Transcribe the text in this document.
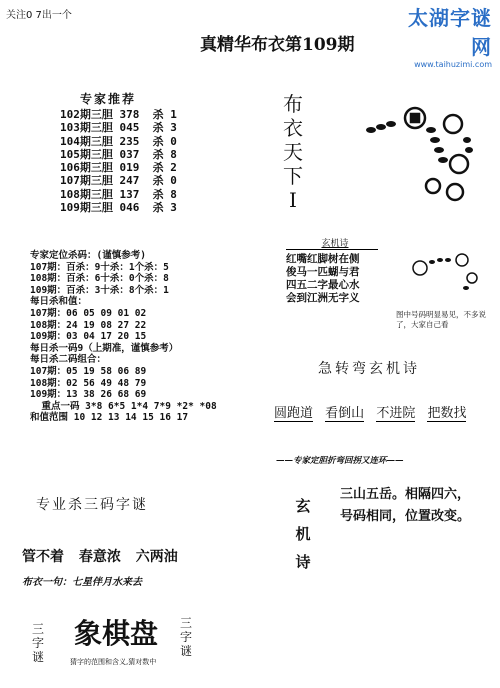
关注0 7出一个	太湖字谜网
www.taihuzimi.com
真精华布衣第109期
专家推荐
102期三胆 378  杀 1
103期三胆 045  杀 3
104期三胆 235  杀 0
105期三胆 037  杀 8
106期三胆 019  杀 2
107期三胆 247  杀 0
108期三胆 137  杀 8
109期三胆 046  杀 3
布衣天下I
专家定位杀码：(谨慎参考)
107期：百杀：9十杀：1个杀：5
108期：百杀：6十杀：0个杀：8
109期：百杀：3十杀：8个杀：1
每日杀和值：
107期：06 05 09 01 02
108期：24 19 08 27 22
109期：03 04 17 20 15
每日杀一码9（上期准，谨慎参考）
每日杀二码组合：
107期：05 19 58 06 89
108期：02 56 49 48 79
109期：13 38 26 68 69
重点一码 3*8 6*5 1*4 7*9 *2* *08
和值范围 10 12 13 14 15 16 17
玄机诗
红嘴红脚树在侧
俊马一匹蝴与君
四五二字最心水
会到江洲无字义
图中号码明显易见，不多说了，大家自己看
急转弯玄机诗
圆跑道 看倒山 不进院 把数找
——专家定胆折弯回拐又连环——
玄机诗
三山五岳。相隔四六，
号码相同，位置改变。
专业杀三码字谜
管不着 春意浓 六两油
布衣一句：七星伴月水来去
三字谜
象棋盘	三字谜
猜字的范围和含义,猜对数中
